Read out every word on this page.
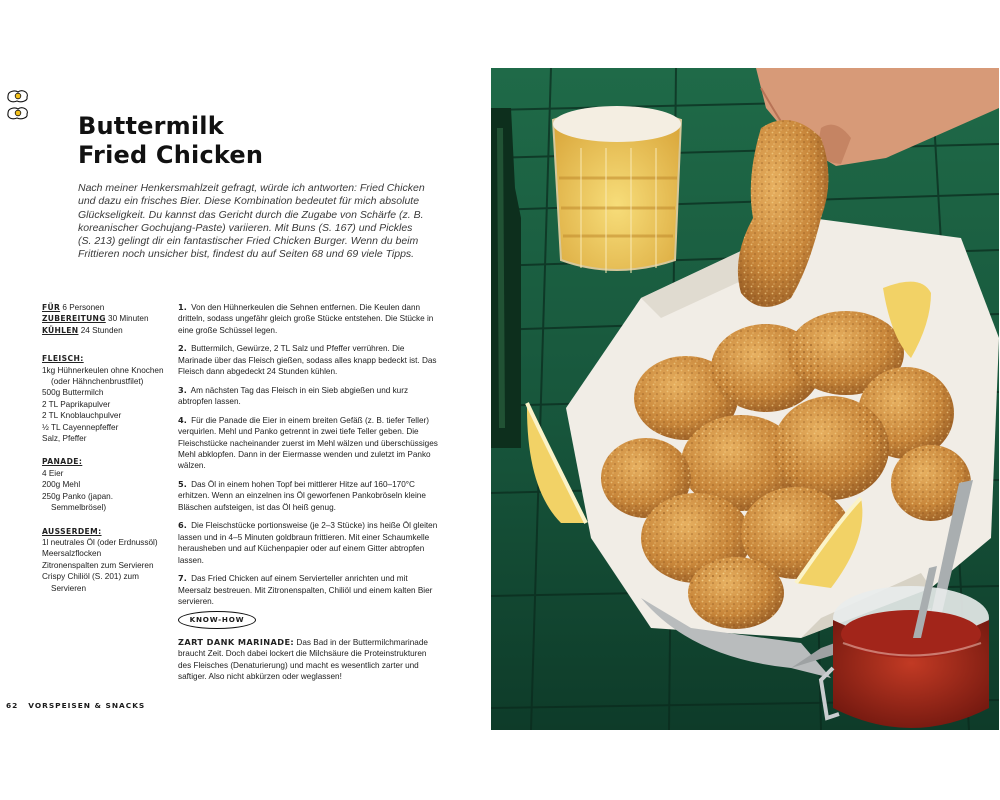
Buttermilk
Fried Chicken

Nach meiner Henkersmahlzeit gefragt, würde ich antworten: Fried Chicken und dazu ein frisches Bier. Diese Kombination bedeutet für mich absolute Glückseligkeit. Du kannst das Gericht durch die Zugabe von Schärfe (z. B. koreanischer Gochujang-Paste) variieren. Mit Buns (S. 167) und Pickles (S. 213) gelingt dir ein fantastischer Fried Chicken Burger. Wenn du beim Frittieren noch unsicher bist, findest du auf Seiten 68 und 69 viele Tipps.

FÜR 6 Personen
ZUBEREITUNG 30 Minuten
KÜHLEN 24 Stunden
FLEISCH:
1kg Hühnerkeulen ohne Knochen (oder Hähnchenbrustfilet)
500g Buttermilch
2 TL Paprikapulver
2 TL Knoblauchpulver
½ TL Cayennepfeffer
Salz, Pfeffer
PANADE:
4 Eier
200g Mehl
250g Panko (japan. Semmelbrösel)
AUSSERDEM:
1l neutrales Öl (oder Erdnussöl)
Meersalzflocken
Zitronenspalten zum Servieren
Crispy Chiliöl (S. 201) zum Servieren

1. Von den Hühnerkeulen die Sehnen entfernen. Die Keulen dann dritteln, sodass ungefähr gleich große Stücke entstehen. Die Stücke in eine große Schüssel legen.

2. Buttermilch, Gewürze, 2 TL Salz und Pfeffer verrühren. Die Marinade über das Fleisch gießen, sodass alles knapp bedeckt ist. Das Fleisch dann abgedeckt 24 Stunden kühlen.

3. Am nächsten Tag das Fleisch in ein Sieb abgießen und kurz abtropfen lassen.

4. Für die Panade die Eier in einem breiten Gefäß (z. B. tiefer Teller) verquirlen. Mehl und Panko getrennt in zwei tiefe Teller geben. Die Fleischstücke nacheinander zuerst im Mehl wälzen und überschüssiges Mehl abklopfen. Dann in der Eiermasse wenden und zuletzt im Panko wälzen.

5. Das Öl in einem hohen Topf bei mittlerer Hitze auf 160–170°C erhitzen. Wenn an einzelnen ins Öl geworfenen Pankobröseln kleine Bläschen aufsteigen, ist das Öl heiß genug.

6. Die Fleischstücke portionsweise (je 2–3 Stücke) ins heiße Öl gleiten lassen und in 4–5 Minuten goldbraun frittieren. Mit einer Schaumkelle herausheben und auf Küchenpapier oder auf einem Gitter abtropfen lassen.

7. Das Fried Chicken auf einem Servierteller anrichten und mit Meersalz bestreuen. Mit Zitronenspalten, Chiliöl und einem kalten Bier servieren.

KNOW-HOW

ZART DANK MARINADE: Das Bad in der Buttermilchmarinade braucht Zeit. Doch dabei lockert die Milchsäure die Proteinstrukturen des Fleisches (Denaturierung) und macht es wesentlich zarter und saftiger. Also nicht abkürzen oder weglassen!

62 VORSPEISEN & SNACKS
